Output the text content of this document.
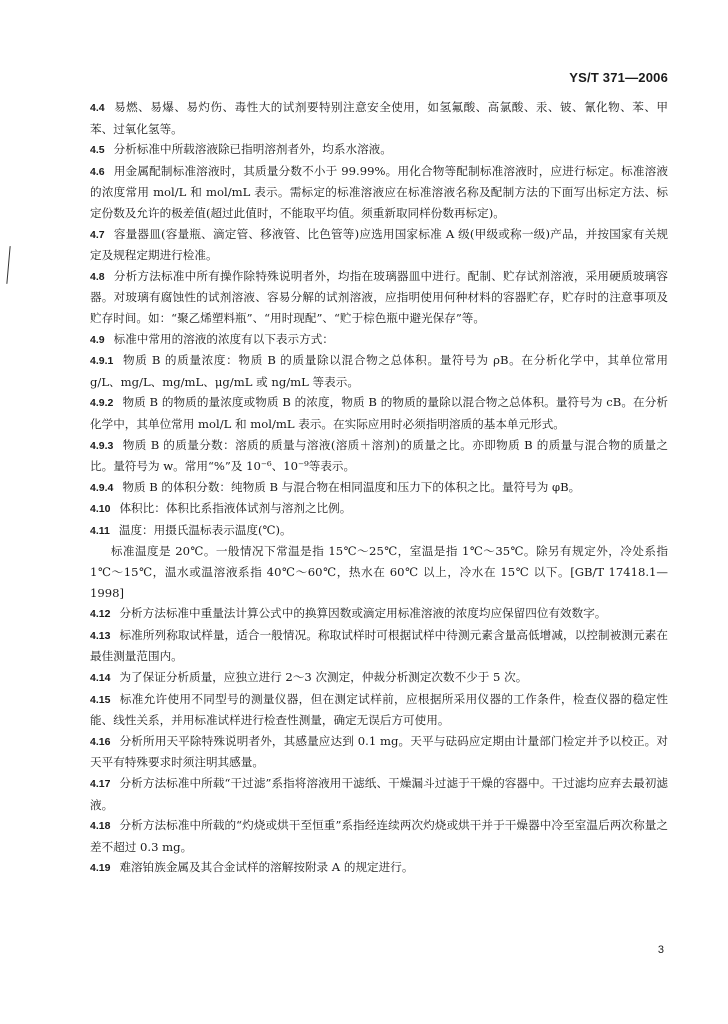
YS/T 371—2006

4.4 易燃、易爆、易灼伤、毒性大的试剂要特别注意安全使用，如氢氟酸、高氯酸、汞、铍、氰化物、苯、甲苯、过氧化氢等。

4.5 分析标准中所载溶液除已指明溶剂者外，均系水溶液。

4.6 用金属配制标准溶液时，其质量分数不小于 99.99%。用化合物等配制标准溶液时，应进行标定。标准溶液的浓度常用 mol/L 和 mol/mL 表示。需标定的标准溶液应在标准溶液名称及配制方法的下面写出标定方法、标定份数及允许的极差值(超过此值时，不能取平均值。须重新取同样份数再标定)。

4.7 容量器皿(容量瓶、滴定管、移液管、比色管等)应选用国家标准 A 级(甲级或称一级)产品，并按国家有关规定及规程定期进行检准。

4.8 分析方法标准中所有操作除特殊说明者外，均指在玻璃器皿中进行。配制、贮存试剂溶液，采用硬质玻璃容器。对玻璃有腐蚀性的试剂溶液、容易分解的试剂溶液，应指明使用何种材料的容器贮存，贮存时的注意事项及贮存时间。如：“聚乙烯塑料瓶”、“用时现配”、“贮于棕色瓶中避光保存”等。

4.9 标准中常用的溶液的浓度有以下表示方式：

4.9.1 物质 B 的质量浓度：物质 B 的质量除以混合物之总体积。量符号为 ρB。在分析化学中，其单位常用 g/L、mg/L、mg/mL、μg/mL 或 ng/mL 等表示。

4.9.2 物质 B 的物质的量浓度或物质 B 的浓度，物质 B 的物质的量除以混合物之总体积。量符号为 cB。在分析化学中，其单位常用 mol/L 和 mol/mL 表示。在实际应用时必须指明溶质的基本单元形式。

4.9.3 物质 B 的质量分数：溶质的质量与溶液(溶质＋溶剂)的质量之比。亦即物质 B 的质量与混合物的质量之比。量符号为 w。常用“%”及 10⁻⁶、10⁻⁹等表示。

4.9.4 物质 B 的体积分数：纯物质 B 与混合物在相同温度和压力下的体积之比。量符号为 φB。

4.10 体积比：体积比系指液体试剂与溶剂之比例。

4.11 温度：用摄氏温标表示温度(℃)。

标准温度是 20℃。一般情况下常温是指 15℃～25℃，室温是指 1℃～35℃。除另有规定外，冷处系指 1℃～15℃，温水或温溶液系指 40℃～60℃，热水在 60℃ 以上，冷水在 15℃ 以下。[GB/T 17418.1—1998]

4.12 分析方法标准中重量法计算公式中的换算因数或滴定用标准溶液的浓度均应保留四位有效数字。

4.13 标准所列称取试样量，适合一般情况。称取试样时可根据试样中待测元素含量高低增减，以控制被测元素在最佳测量范围内。

4.14 为了保证分析质量，应独立进行 2～3 次测定，仲裁分析测定次数不少于 5 次。

4.15 标准允许使用不同型号的测量仪器，但在测定试样前，应根据所采用仪器的工作条件，检查仪器的稳定性能、线性关系，并用标准试样进行检查性测量，确定无误后方可使用。

4.16 分析所用天平除特殊说明者外，其感量应达到 0.1 mg。天平与砝码应定期由计量部门检定并予以校正。对天平有特殊要求时须注明其感量。

4.17 分析方法标准中所载“干过滤”系指将溶液用干滤纸、干燥漏斗过滤于干燥的容器中。干过滤均应弃去最初滤液。

4.18 分析方法标准中所载的“灼烧或烘干至恒重”系指经连续两次灼烧或烘干并于干燥器中冷至室温后两次称量之差不超过 0.3 mg。

4.19 难溶铂族金属及其合金试样的溶解按附录 A 的规定进行。

3
